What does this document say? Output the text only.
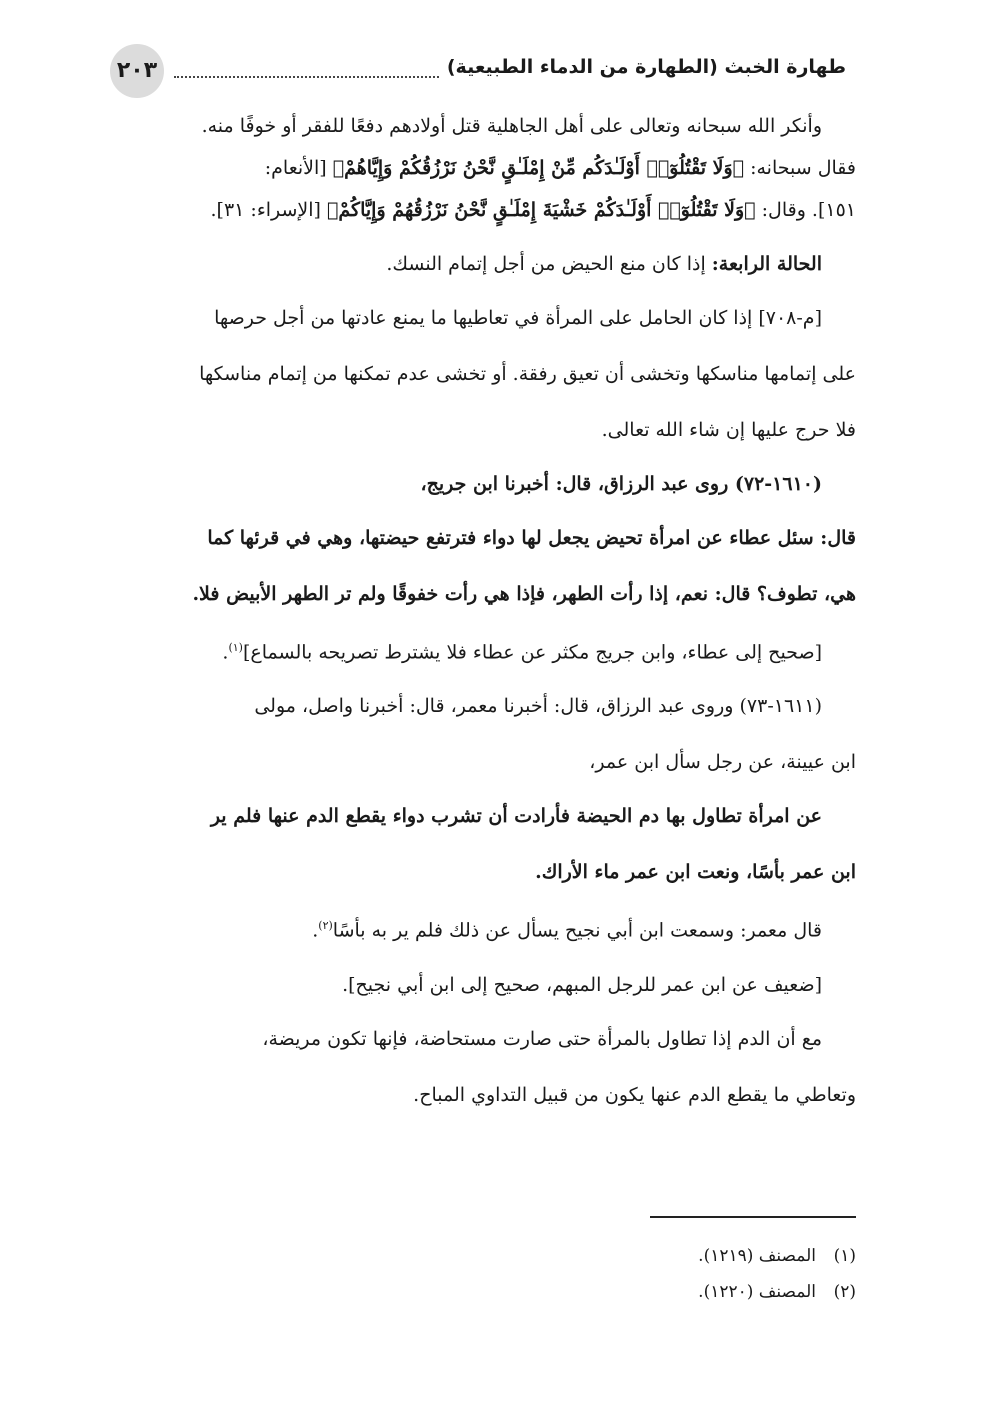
٢٠٣	طهارة الخبث (الطهارة من الدماء الطبيعية)

وأنكر الله سبحانه وتعالى على أهل الجاهلية قتل أولادهم دفعًا للفقر أو خوفًا منه.

فقال سبحانه: ﴿وَلَا تَقْتُلُوٓا۟ أَوْلَـٰدَكُم مِّنْ إِمْلَـٰقٍ نَّحْنُ نَرْزُقُكُمْ وَإِيَّاهُمْ﴾ [الأنعام:

١٥١]. وقال: ﴿وَلَا تَقْتُلُوٓا۟ أَوْلَـٰدَكُمْ خَشْيَةَ إِمْلَـٰقٍ نَّحْنُ نَرْزُقُهُمْ وَإِيَّاكُمْ﴾ [الإسراء: ٣١].

الحالة الرابعة: إذا كان منع الحيض من أجل إتمام النسك.

[م-٧٠٨] إذا كان الحامل على المرأة في تعاطيها ما يمنع عادتها من أجل حرصها

على إتمامها مناسكها وتخشى أن تعيق رفقة. أو تخشى عدم تمكنها من إتمام مناسكها

فلا حرج عليها إن شاء الله تعالى.

(١٦١٠-٧٢) روى عبد الرزاق، قال: أخبرنا ابن جريج،

قال: سئل عطاء عن امرأة تحيض يجعل لها دواء فترتفع حيضتها، وهي في قرئها كما

هي، تطوف؟ قال: نعم، إذا رأت الطهر، فإذا هي رأت خفوقًا ولم تر الطهر الأبيض فلا.

[صحيح إلى عطاء، وابن جريج مكثر عن عطاء فلا يشترط تصريحه بالسماع]$^{(١)}$.

(١٦١١-٧٣) وروى عبد الرزاق، قال: أخبرنا معمر، قال: أخبرنا واصل، مولى

ابن عيينة، عن رجل سأل ابن عمر،

عن امرأة تطاول بها دم الحيضة فأرادت أن تشرب دواء يقطع الدم عنها فلم ير

ابن عمر بأسًا، ونعت ابن عمر ماء الأراك.

قال معمر: وسمعت ابن أبي نجيح يسأل عن ذلك فلم ير به بأسًا$^{(٢)}$.

[ضعيف عن ابن عمر للرجل المبهم، صحيح إلى ابن أبي نجيح].

مع أن الدم إذا تطاول بالمرأة حتى صارت مستحاضة، فإنها تكون مريضة،

وتعاطي ما يقطع الدم عنها يكون من قبيل التداوي المباح.

(١)المصنف (١٢١٩).
(٢)المصنف (١٢٢٠).
